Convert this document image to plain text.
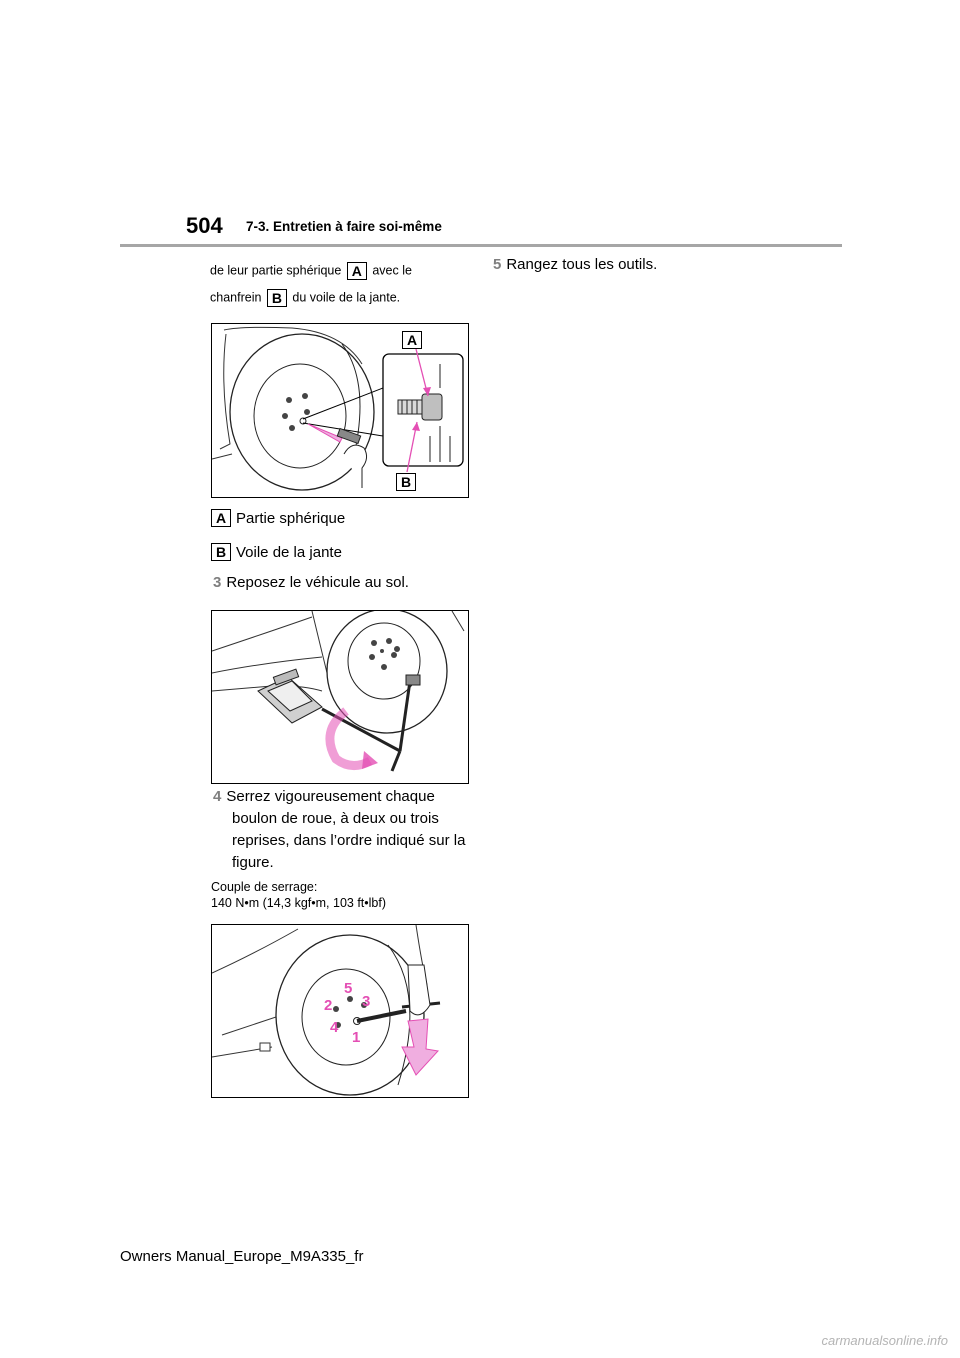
504 7-3. Entretien à faire soi-même
de leur partie sphérique A avec le
chanfrein B du voile de la jante.
A
B
A Partie sphérique
B Voile de la jante
3 Reposez le véhicule au sol.
4 Serrez vigoureusement chaque
boulon de roue, à deux ou trois
reprises, dans l’ordre indiqué sur la
figure.
Couple de serrage:
140 N•m (14,3 kgf•m, 103 ft•lbf)
5
2 3
4
1
5 Rangez tous les outils.
Owners Manual_Europe_M9A335_fr
carmanualsonline.info
